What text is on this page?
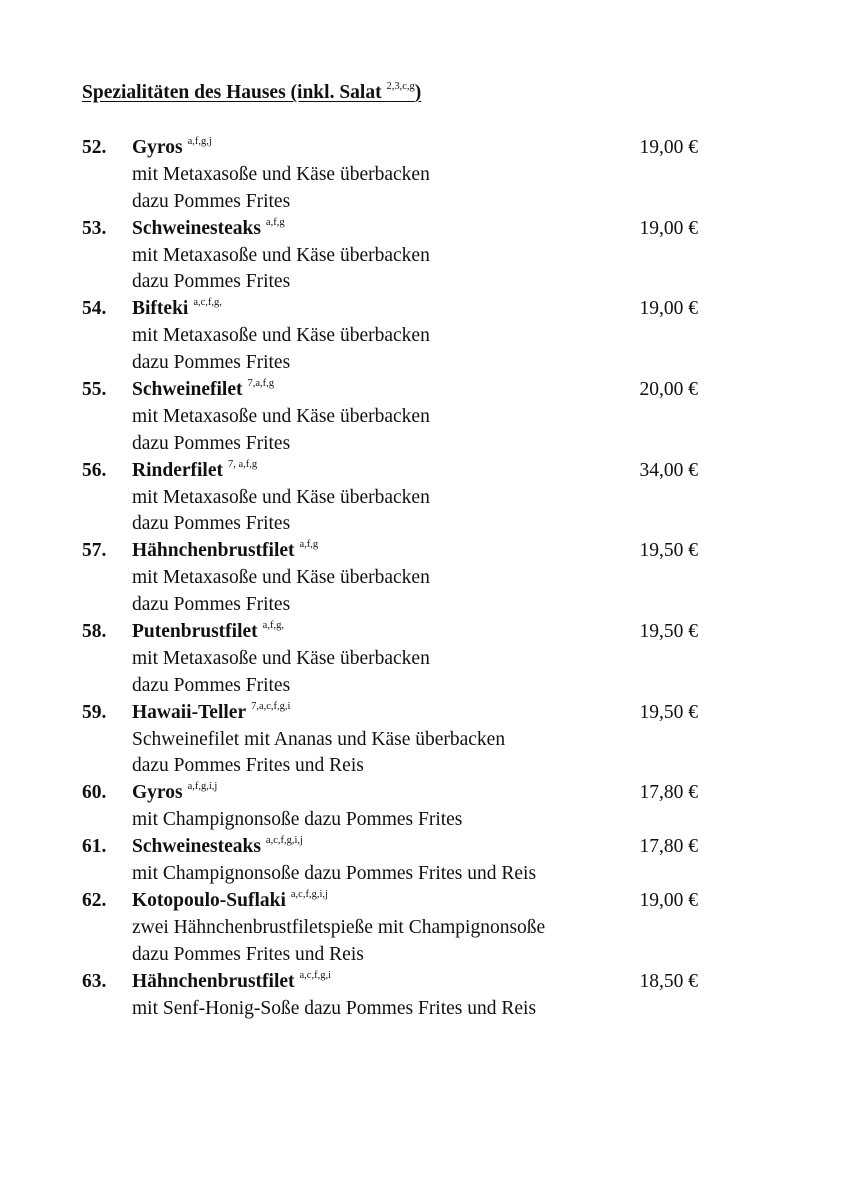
Spezialitäten des Hauses (inkl. Salat $^{2,3,c,g}$)
52. Gyros $^{a,f,g,j}$	19,00 €
mit Metaxasoße und Käse überbacken
dazu Pommes Frites
53. Schweinesteaks $^{a,f,g}$	19,00 €
mit Metaxasoße und Käse überbacken
dazu Pommes Frites
54. Bifteki $^{a,c,f,g,}$	19,00 €
mit Metaxasoße und Käse überbacken
dazu Pommes Frites
55. Schweinefilet $^{7,a,f,g}$	20,00 €
mit Metaxasoße und Käse überbacken
dazu Pommes Frites
56. Rinderfilet $^{7, a,f,g}$	34,00 €
mit Metaxasoße und Käse überbacken
dazu Pommes Frites
57. Hähnchenbrustfilet $^{a,f,g}$	19,50 €
mit Metaxasoße und Käse überbacken
dazu Pommes Frites
58. Putenbrustfilet $^{a,f,g,}$	19,50 €
mit Metaxasoße und Käse überbacken
dazu Pommes Frites
59. Hawaii-Teller $^{7,a,c,f,g,i}$	19,50 €
Schweinefilet mit Ananas und Käse überbacken
dazu Pommes Frites und Reis
60. Gyros $^{a,f,g,i,j}$	17,80 €
mit Champignonsoße dazu Pommes Frites
61. Schweinesteaks $^{a,c,f,g,i,j}$	17,80 €
mit Champignonsoße dazu Pommes Frites und Reis
62. Kotopoulo-Suflaki $^{a,c,f,g,i,j}$	19,00 €
zwei Hähnchenbrustfiletspieße mit Champignonsoße
dazu Pommes Frites und Reis
63. Hähnchenbrustfilet $^{a,c,f,g,i}$	18,50 €
mit Senf-Honig-Soße dazu Pommes Frites und Reis
